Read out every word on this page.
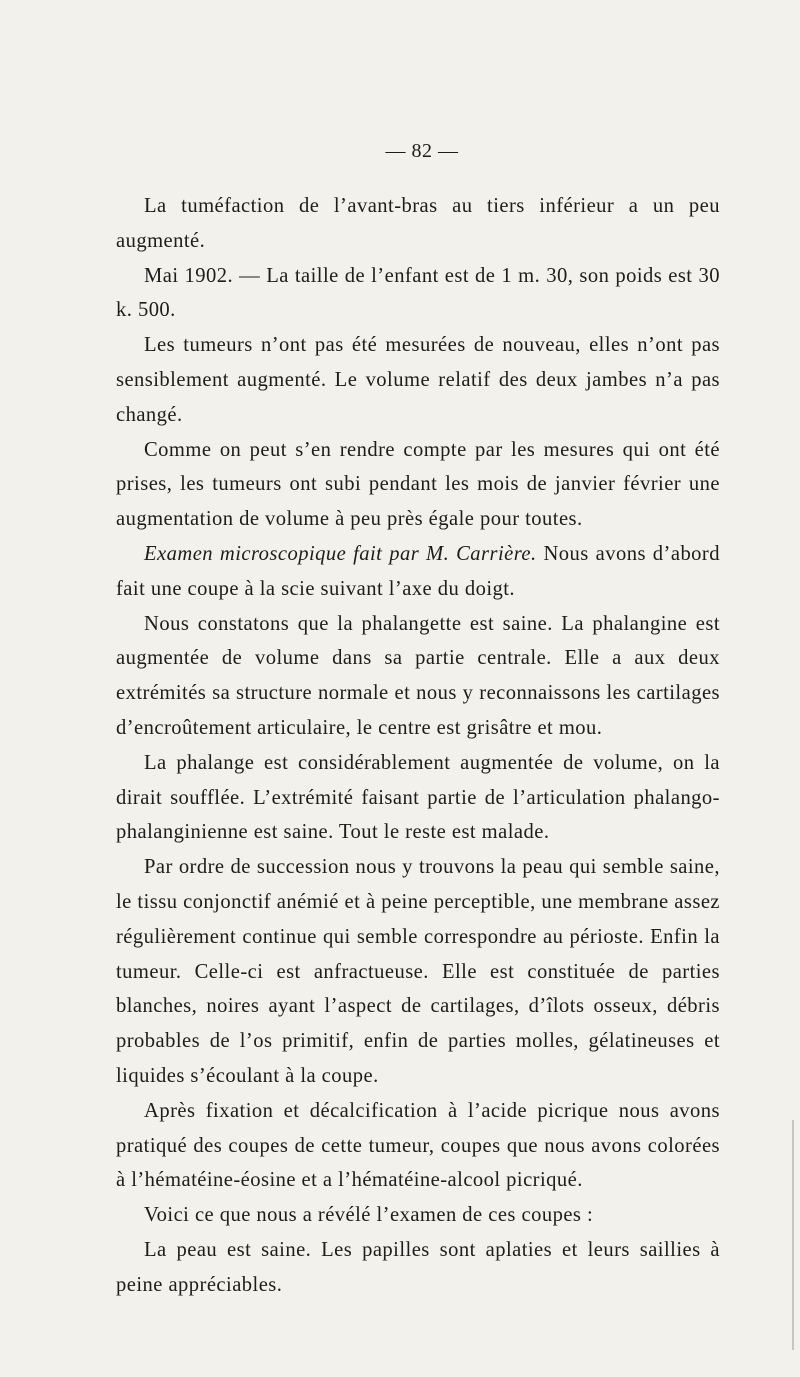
— 82 —

La tuméfaction de l’avant-bras au tiers inférieur a un peu augmenté.

Mai 1902. — La taille de l’enfant est de 1 m. 30, son poids est 30 k. 500.

Les tumeurs n’ont pas été mesurées de nouveau, elles n’ont pas sensiblement augmenté. Le volume relatif des deux jambes n’a pas changé.

Comme on peut s’en rendre compte par les mesures qui ont été prises, les tumeurs ont subi pendant les mois de janvier février une augmentation de volume à peu près égale pour toutes.

Examen microscopique fait par M. Carrière. Nous avons d’abord fait une coupe à la scie suivant l’axe du doigt.

Nous constatons que la phalangette est saine. La phalangine est augmentée de volume dans sa partie centrale. Elle a aux deux extrémités sa structure normale et nous y reconnaissons les cartilages d’encroûtement articulaire, le centre est grisâtre et mou.

La phalange est considérablement augmentée de volume, on la dirait soufflée. L’extrémité faisant partie de l’articulation phalango-phalanginienne est saine. Tout le reste est malade.

Par ordre de succession nous y trouvons la peau qui semble saine, le tissu conjonctif anémié et à peine perceptible, une membrane assez régulièrement continue qui semble correspondre au périoste. Enfin la tumeur. Celle-ci est anfractueuse. Elle est constituée de parties blanches, noires ayant l’aspect de cartilages, d’îlots osseux, débris probables de l’os primitif, enfin de parties molles, gélatineuses et liquides s’écoulant à la coupe.

Après fixation et décalcification à l’acide picrique nous avons pratiqué des coupes de cette tumeur, coupes que nous avons colorées à l’hématéine-éosine et a l’hématéine-alcool picriqué.

Voici ce que nous a révélé l’examen de ces coupes :

La peau est saine. Les papilles sont aplaties et leurs saillies à peine appréciables.
